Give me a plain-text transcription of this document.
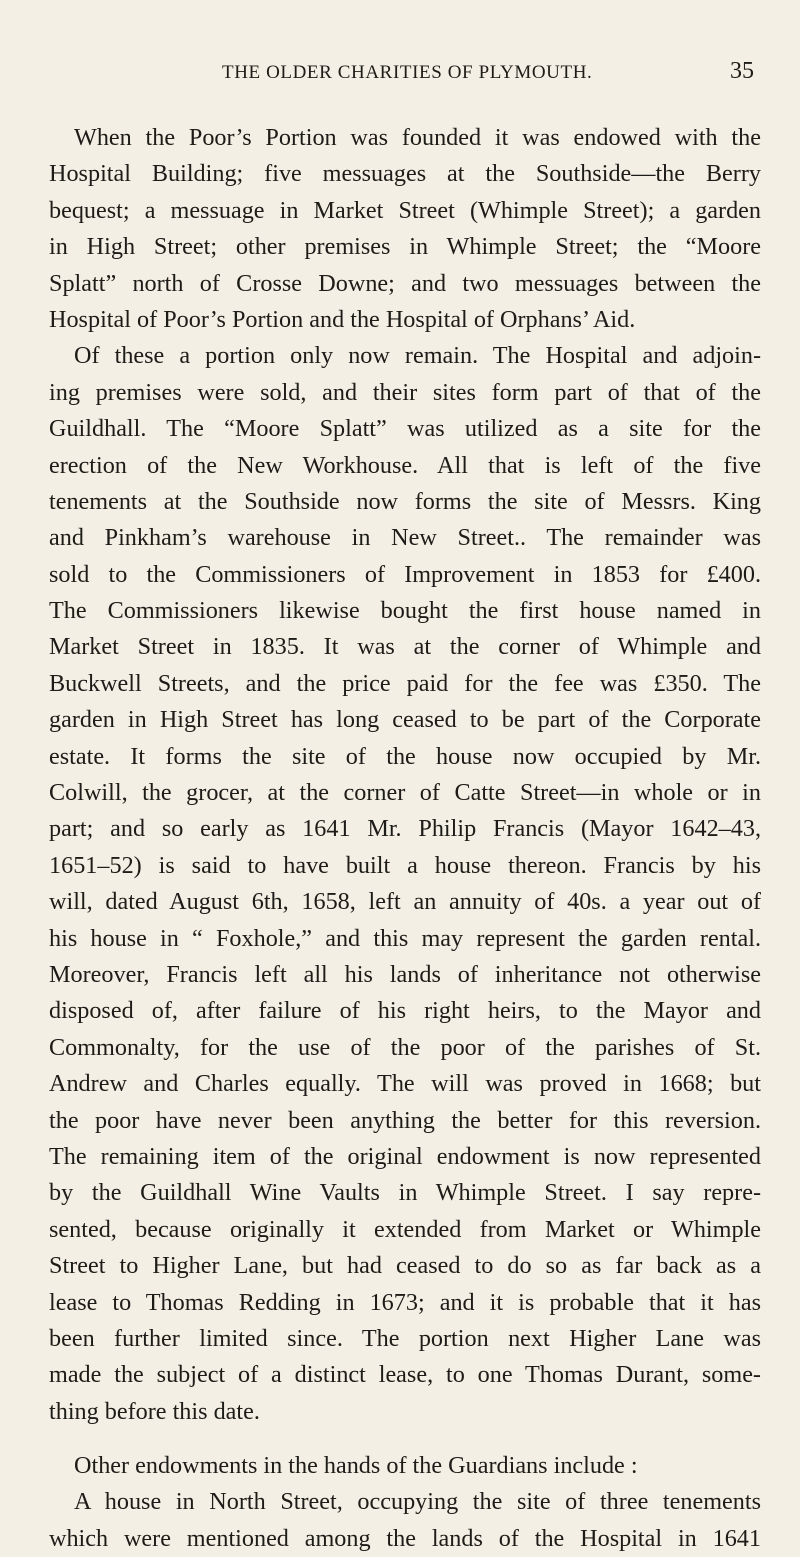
THE OLDER CHARITIES OF PLYMOUTH.	35
When the Poor’s Portion was founded it was endowed with the
Hospital Building; five messuages at the Southside—the Berry
bequest; a messuage in Market Street (Whimple Street); a garden
in High Street; other premises in Whimple Street; the “Moore
Splatt” north of Crosse Downe; and two messuages between the
Hospital of Poor’s Portion and the Hospital of Orphans’ Aid.
Of these a portion only now remain. The Hospital and adjoin-
ing premises were sold, and their sites form part of that of the
Guildhall. The “Moore Splatt” was utilized as a site for the
erection of the New Workhouse. All that is left of the five
tenements at the Southside now forms the site of Messrs. King
and Pinkham’s warehouse in New Street.. The remainder was
sold to the Commissioners of Improvement in 1853 for £400.
The Commissioners likewise bought the first house named in
Market Street in 1835. It was at the corner of Whimple and
Buckwell Streets, and the price paid for the fee was £350. The
garden in High Street has long ceased to be part of the Corporate
estate. It forms the site of the house now occupied by Mr.
Colwill, the grocer, at the corner of Catte Street—in whole or in
part; and so early as 1641 Mr. Philip Francis (Mayor 1642–43,
1651–52) is said to have built a house thereon. Francis by his
will, dated August 6th, 1658, left an annuity of 40s. a year out of
his house in “ Foxhole,” and this may represent the garden rental.
Moreover, Francis left all his lands of inheritance not otherwise
disposed of, after failure of his right heirs, to the Mayor and
Commonalty, for the use of the poor of the parishes of St.
Andrew and Charles equally. The will was proved in 1668; but
the poor have never been anything the better for this reversion.
The remaining item of the original endowment is now represented
by the Guildhall Wine Vaults in Whimple Street. I say repre-
sented, because originally it extended from Market or Whimple
Street to Higher Lane, but had ceased to do so as far back as a
lease to Thomas Redding in 1673; and it is probable that it has
been further limited since. The portion next Higher Lane was
made the subject of a distinct lease, to one Thomas Durant, some-
thing before this date.
Other endowments in the hands of the Guardians include :
A house in North Street, occupying the site of three tenements
which were mentioned among the lands of the Hospital in 1641
